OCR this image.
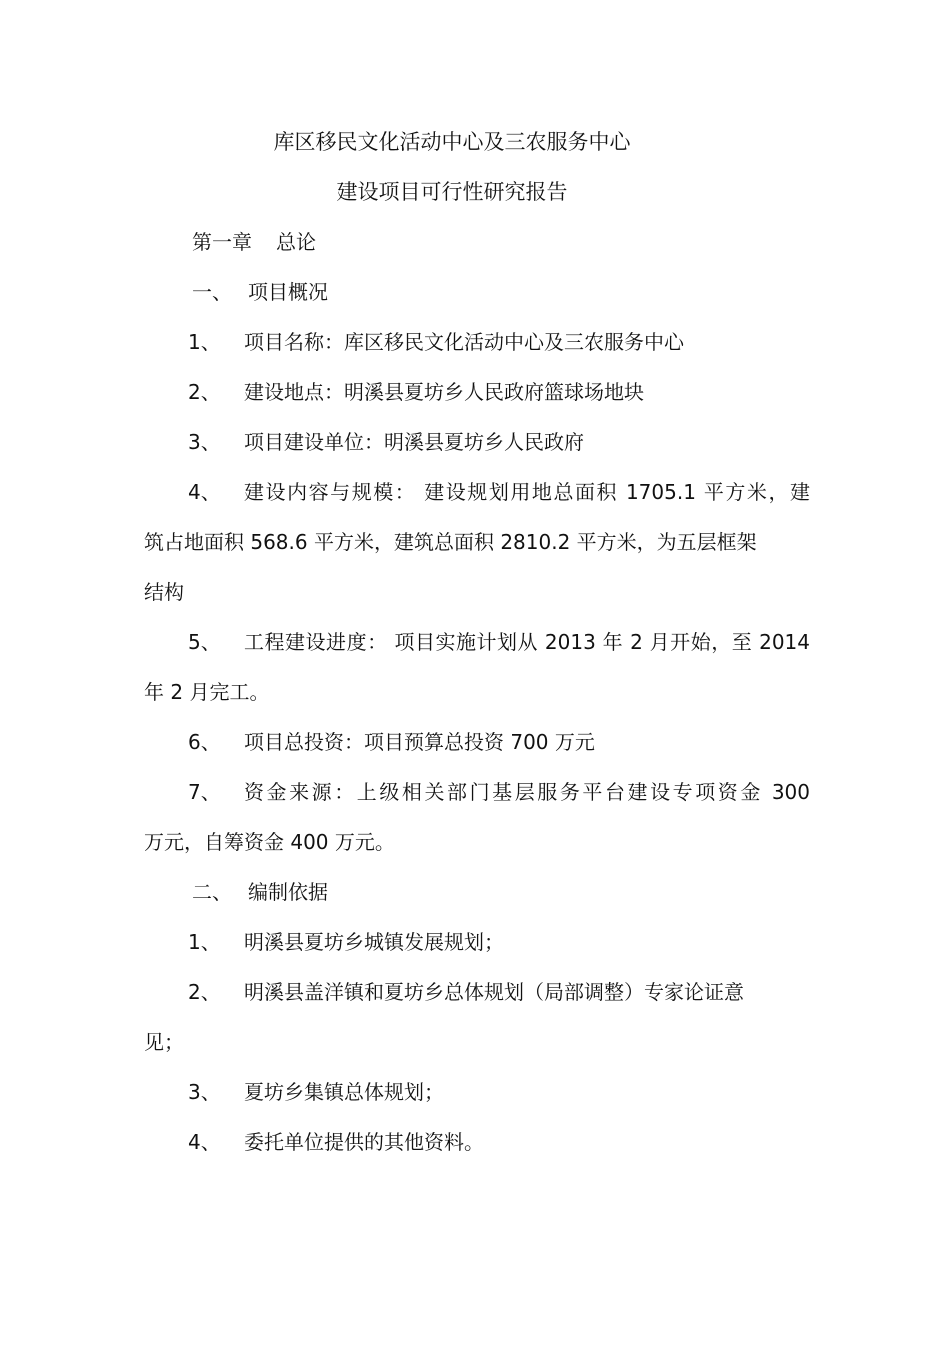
库区移民文化活动中心及三农服务中心
建设项目可行性研究报告
第一章 总论
一、 项目概况
1、	项目名称：库区移民文化活动中心及三农服务中心
2、	建设地点：明溪县夏坊乡人民政府篮球场地块
3、	项目建设单位：明溪县夏坊乡人民政府
4、	建设内容与规模： 建设规划用地总面积 1705.1 平方米，建
筑占地面积 568.6 平方米，建筑总面积 2810.2 平方米，为五层框架
结构
5、	工程建设进度： 项目实施计划从 2013 年 2 月开始，至 2014
年 2 月完工。
6、	项目总投资：项目预算总投资 700 万元
7、	资金来源：上级相关部门基层服务平台建设专项资金 300
万元，自筹资金 400 万元。
二、 编制依据
1、	明溪县夏坊乡城镇发展规划；
2、	明溪县盖洋镇和夏坊乡总体规划（局部调整）专家论证意
见；
3、	夏坊乡集镇总体规划；
4、	委托单位提供的其他资料。
